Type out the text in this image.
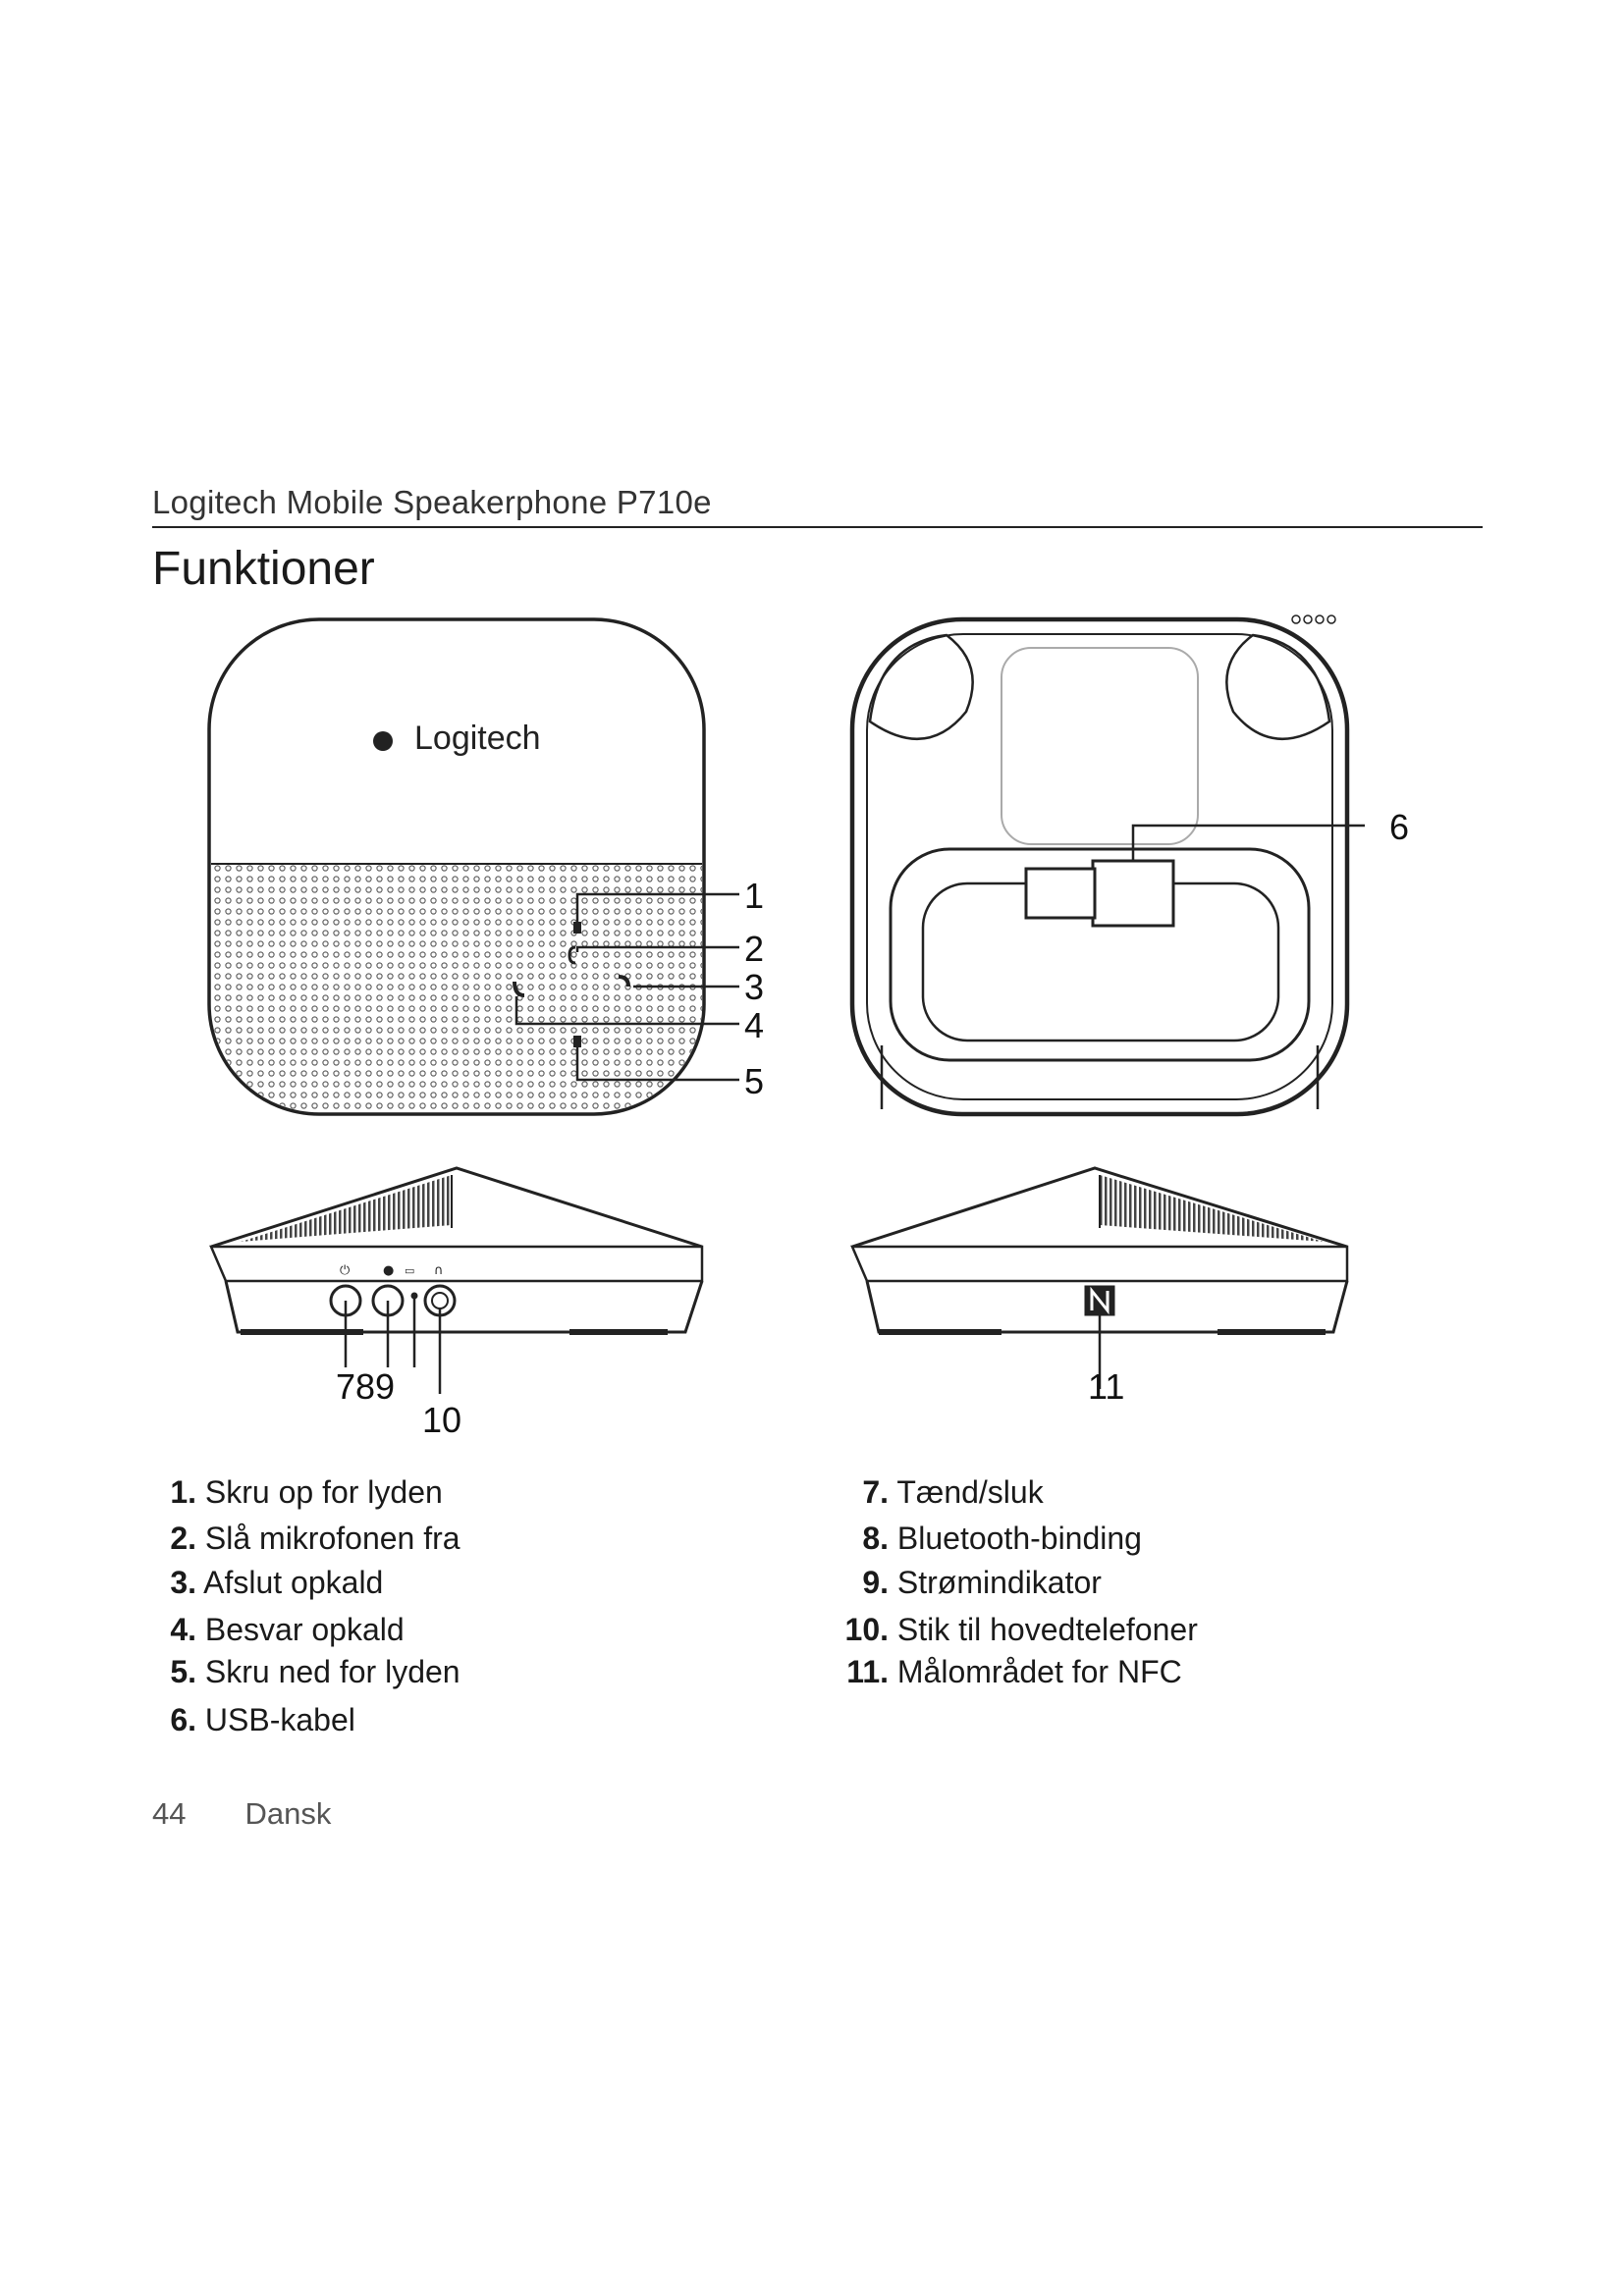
Logitech Mobile Speakerphone P710e
Funktioner
⏻	● ▭ ∩
6
1
2
3
4
5
789
10
11
Logitech
1. Skru op for lyden
2. Slå mikrofonen fra
3. Afslut opkald
4. Besvar opkald
5. Skru ned for lyden
6. USB-kabel
7. Tænd/sluk
8. Bluetooth-binding
9. Strømindikator
10. Stik til hovedtelefoner
11. Målområdet for NFC
44 Dansk
